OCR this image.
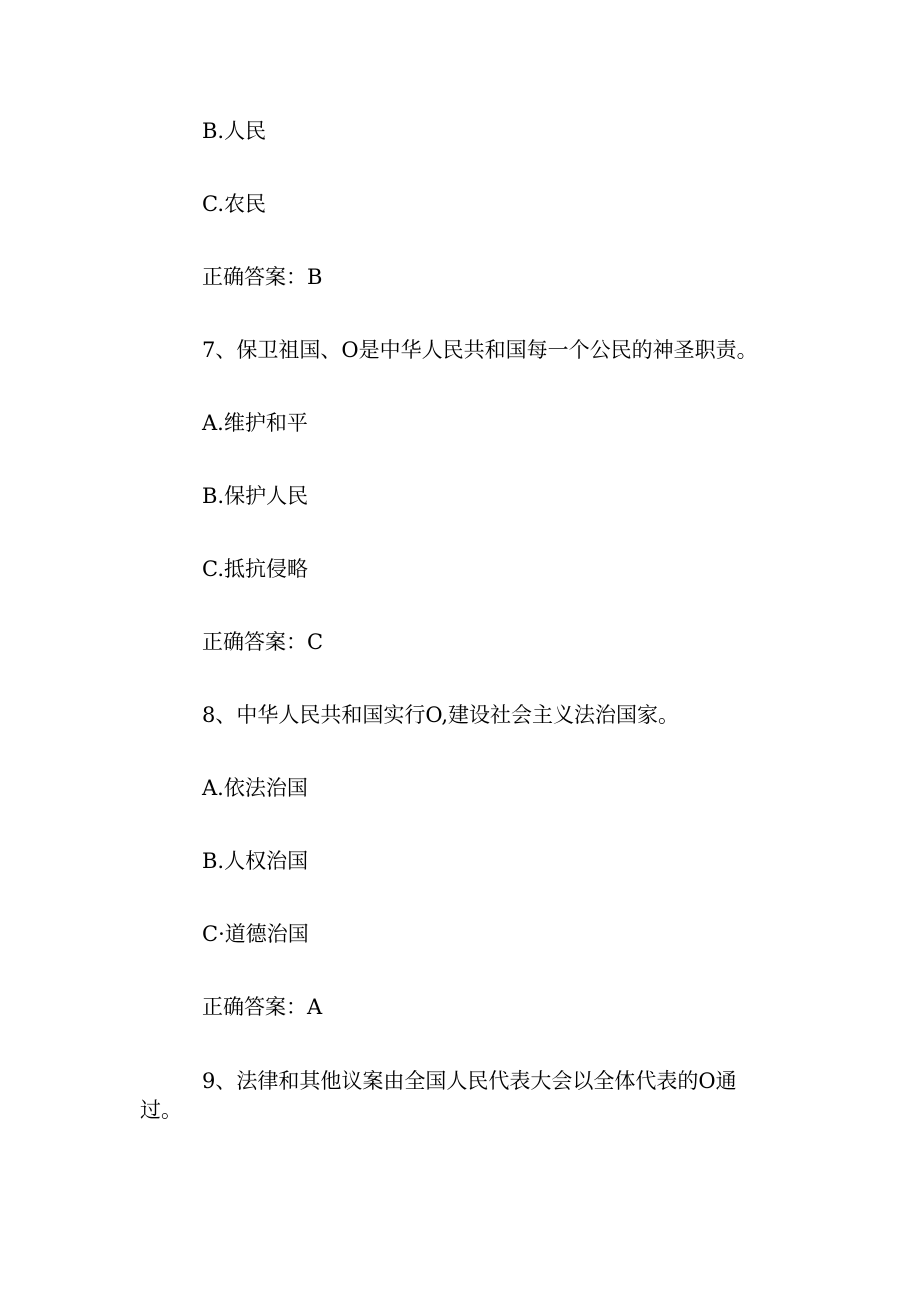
B.人民
C.农民
正确答案：B
7、保卫祖国、O是中华人民共和国每一个公民的神圣职责。
A.维护和平
B.保护人民
C.抵抗侵略
正确答案：C
8、中华人民共和国实行O,建设社会主义法治国家。
A.依法治国
B.人权治国
C·道德治国
正确答案：A
9、法律和其他议案由全国人民代表大会以全体代表的O通
过。
